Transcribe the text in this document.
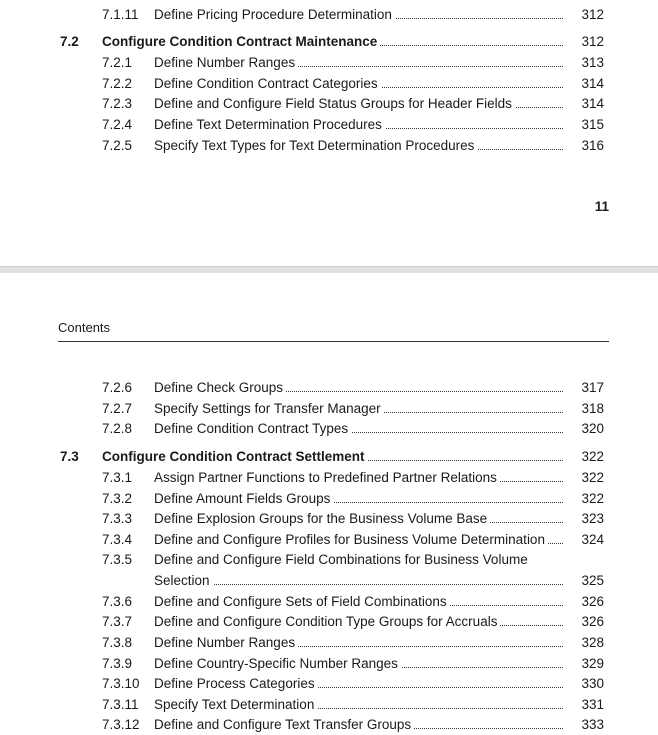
7.1.11 Define Pricing Procedure Determination	312
7.2 Configure Condition Contract Maintenance	312
7.2.1 Define Number Ranges	313
7.2.2 Define Condition Contract Categories	314
7.2.3 Define and Configure Field Status Groups for Header Fields	314
7.2.4 Define Text Determination Procedures	315
7.2.5 Specify Text Types for Text Determination Procedures	316
11
Contents
7.2.6 Define Check Groups	317
7.2.7 Specify Settings for Transfer Manager	318
7.2.8 Define Condition Contract Types	320
7.3 Configure Condition Contract Settlement	322
7.3.1 Assign Partner Functions to Predefined Partner Relations	322
7.3.2 Define Amount Fields Groups	322
7.3.3 Define Explosion Groups for the Business Volume Base	323
7.3.4 Define and Configure Profiles for Business Volume Determination	324
7.3.5 Define and Configure Field Combinations for Business Volume
Selection	325
7.3.6 Define and Configure Sets of Field Combinations	326
7.3.7 Define and Configure Condition Type Groups for Accruals	326
7.3.8 Define Number Ranges	328
7.3.9 Define Country-Specific Number Ranges	329
7.3.10 Define Process Categories	330
7.3.11 Specify Text Determination	331
7.3.12 Define and Configure Text Transfer Groups	333
